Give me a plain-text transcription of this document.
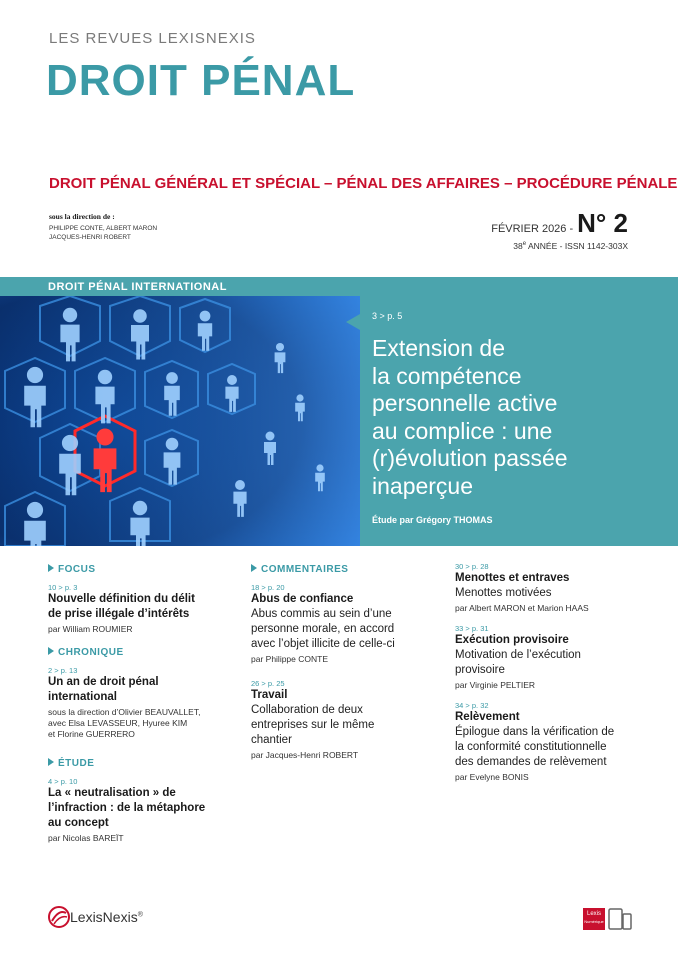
LES REVUES LEXISNEXIS
DROIT PÉNAL
DROIT PÉNAL GÉNÉRAL ET SPÉCIAL – PÉNAL DES AFFAIRES – PROCÉDURE PÉNALE
sous la direction de :
PHILIPPE CONTE, ALBERT MARON
JACQUES-HENRI ROBERT
FÉVRIER 2026 - N° 2
38e ANNÉE - ISSN 1142-303X
DROIT PÉNAL INTERNATIONAL
3 > p. 5
Extension de
la compétence
personnelle active
au complice : une
(r)évolution passée
inaperçue
Étude par Grégory THOMAS
FOCUS
10 > p. 3
Nouvelle définition du délit
de prise illégale d’intérêts
par William ROUMIER
CHRONIQUE
2 > p. 13
Un an de droit pénal
international
sous la direction d’Olivier BEAUVALLET,
avec Elsa LEVASSEUR, Hyuree KIM
et Florine GUERRERO
ÉTUDE
4 > p. 10
La « neutralisation » de
l’infraction : de la métaphore
au concept
par Nicolas BAREÏT
COMMENTAIRES
18 > p. 20
Abus de confiance
Abus commis au sein d’une
personne morale, en accord
avec l’objet illicite de celle-ci
par Philippe CONTE
26 > p. 25
Travail
Collaboration de deux
entreprises sur le même
chantier
par Jacques-Henri ROBERT
30 > p. 28
Menottes et entraves
Menottes motivées
par Albert MARON et Marion HAAS
33 > p. 31
Exécution provisoire
Motivation de l’exécution
provisoire
par Virginie PELTIER
34 > p. 32
Relèvement
Épilogue dans la vérification de
la conformité constitutionnelle
des demandes de relèvement
par Evelyne BONIS
LexisNexis®	Lexis
Numérique
